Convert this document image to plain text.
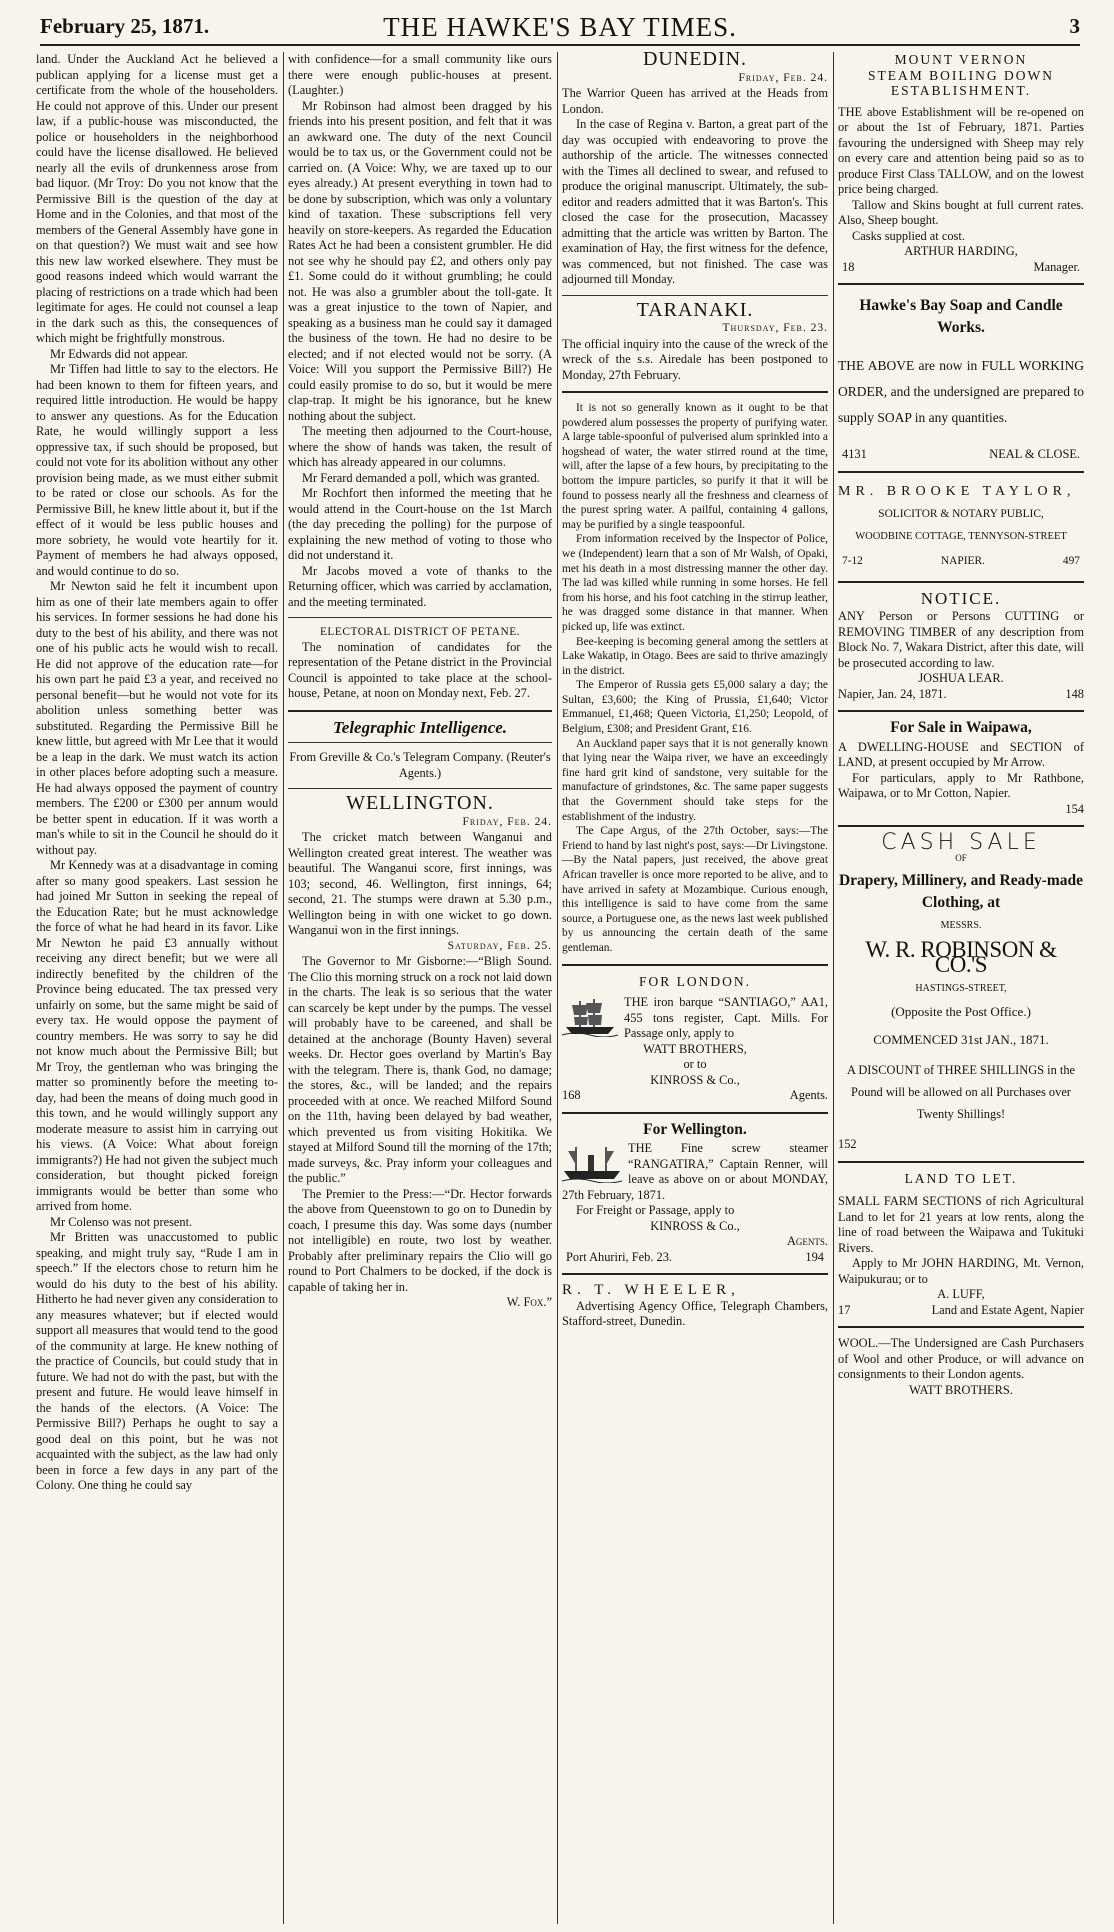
February 25, 1871.	THE HAWKE'S BAY TIMES.	3

land. Under the Auckland Act he believed a publican applying for a license must get a certificate from the whole of the householders. He could not approve of this. Under our present law, if a public-house was misconducted, the police or householders in the neighborhood could have the license disallowed. He believed nearly all the evils of drunkenness arose from bad liquor. (Mr Troy: Do you not know that the Permissive Bill is the question of the day at Home and in the Colonies, and that most of the members of the General Assembly have gone in on that question?) We must wait and see how this new law worked elsewhere. They must be good reasons indeed which would warrant the placing of restrictions on a trade which had been legitimate for ages. He could not counsel a leap in the dark such as this, the consequences of which might be frightfully monstrous.

Mr Edwards did not appear.

Mr Tiffen had little to say to the electors. He had been known to them for fifteen years, and required little introduction. He would be happy to answer any questions. As for the Education Rate, he would willingly support a less oppressive tax, if such should be proposed, but could not vote for its abolition without any other provision being made, as we must either submit to be rated or close our schools. As for the Permissive Bill, he knew little about it, but if the effect of it would be less public houses and more sobriety, he would vote heartily for it. Payment of members he had always opposed, and would continue to do so.

Mr Newton said he felt it incumbent upon him as one of their late members again to offer his services. In former sessions he had done his duty to the best of his ability, and there was not one of his public acts he would wish to recall. He did not approve of the education rate—for his own part he paid £3 a year, and received no personal benefit—but he would not vote for its abolition unless something better was substituted. Regarding the Permissive Bill he knew little, but agreed with Mr Lee that it would be a leap in the dark. We must watch its action in other places before adopting such a measure. He had always opposed the payment of country members. The £200 or £300 per annum would be better spent in education. If it was worth a man's while to sit in the Council he should do it without pay.

Mr Kennedy was at a disadvantage in coming after so many good speakers. Last session he had joined Mr Sutton in seeking the repeal of the Education Rate; but he must acknowledge the force of what he had heard in its favor. Like Mr Newton he paid £3 annually without receiving any direct benefit; but we were all indirectly benefited by the children of the Province being educated. The tax pressed very unfairly on some, but the same might be said of every tax. He would oppose the payment of country members. He was sorry to say he did not know much about the Permissive Bill; but Mr Troy, the gentleman who was bringing the matter so prominently before the meeting to-day, had been the means of doing much good in this town, and he would willingly support any moderate measure to assist him in carrying out his views. (A Voice: What about foreign immigrants?) He had not given the subject much consideration, but thought picked foreign immigrants would be better than some who arrived from home.

Mr Colenso was not present.

Mr Britten was unaccustomed to public speaking, and might truly say, “Rude I am in speech.” If the electors chose to return him he would do his duty to the best of his ability. Hitherto he had never given any consideration to any measures whatever; but if elected would support all measures that would tend to the good of the community at large. He knew nothing of the practice of Councils, but could study that in future. We had not do with the past, but with the present and future. He would leave himself in the hands of the electors. (A Voice: The Permissive Bill?) Perhaps he ought to say a good deal on this point, but he was not acquainted with the subject, as the law had only been in force a few days in any part of the Colony. One thing he could say

with confidence—for a small community like ours there were enough public-houses at present. (Laughter.)

Mr Robinson had almost been dragged by his friends into his present position, and felt that it was an awkward one. The duty of the next Council would be to tax us, or the Government could not be carried on. (A Voice: Why, we are taxed up to our eyes already.) At present everything in town had to be done by subscription, which was only a voluntary kind of taxation. These subscriptions fell very heavily on store-keepers. As regarded the Education Rates Act he had been a consistent grumbler. He did not see why he should pay £2, and others only pay £1. Some could do it without grumbling; he could not. He was also a grumbler about the toll-gate. It was a great injustice to the town of Napier, and speaking as a business man he could say it damaged the business of the town. He had no desire to be elected; and if not elected would not be sorry. (A Voice: Will you support the Permissive Bill?) He could easily promise to do so, but it would be mere clap-trap. It might be his ignorance, but he knew nothing about the subject.

The meeting then adjourned to the Court-house, where the show of hands was taken, the result of which has already appeared in our columns.

Mr Ferard demanded a poll, which was granted.

Mr Rochfort then informed the meeting that he would attend in the Court-house on the 1st March (the day preceding the polling) for the purpose of explaining the new method of voting to those who did not understand it.

Mr Jacobs moved a vote of thanks to the Returning officer, which was carried by acclamation, and the meeting terminated.

ELECTORAL DISTRICT OF PETANE.

The nomination of candidates for the representation of the Petane district in the Provincial Council is appointed to take place at the school-house, Petane, at noon on Monday next, Feb. 27.

Telegraphic Intelligence.

From Greville & Co.'s Telegram Company. (Reuter's Agents.)

WELLINGTON.
Friday, Feb. 24.

The cricket match between Wanganui and Wellington created great interest. The weather was beautiful. The Wanganui score, first innings, was 103; second, 46. Wellington, first innings, 64; second, 21. The stumps were drawn at 5.30 p.m., Wellington being in with one wicket to go down. Wanganui won in the first innings.

Saturday, Feb. 25.

The Governor to Mr Gisborne:—“Bligh Sound. The Clio this morning struck on a rock not laid down in the charts. The leak is so serious that the water can scarcely be kept under by the pumps. The vessel will probably have to be careened, and shall be detained at the anchorage (Bounty Haven) several weeks. Dr. Hector goes overland by Martin's Bay with the telegram. There is, thank God, no damage; the stores, &c., will be landed; and the repairs proceeded with at once. We reached Milford Sound on the 11th, having been delayed by bad weather, which prevented us from visiting Hokitika. We stayed at Milford Sound till the morning of the 17th; made surveys, &c. Pray inform your colleagues and the public.”

The Premier to the Press:—“Dr. Hector forwards the above from Queenstown to go on to Dunedin by coach, I presume this day. Was some days (number not intelligible) en route, two lost by weather. Probably after preliminary repairs the Clio will go round to Port Chalmers to be docked, if the dock is capable of taking her in.

W. Fox.”
DUNEDIN.
Friday, Feb. 24.

The Warrior Queen has arrived at the Heads from London.

In the case of Regina v. Barton, a great part of the day was occupied with endeavoring to prove the authorship of the article. The witnesses connected with the Times all declined to swear, and refused to produce the original manuscript. Ultimately, the sub-editor and readers admitted that it was Barton's. This closed the case for the prosecution, Macassey admitting that the article was written by Barton. The examination of Hay, the first witness for the defence, was commenced, but not finished. The case was adjourned till Monday.

TARANAKI.
Thursday, Feb. 23.

The official inquiry into the cause of the wreck of the wreck of the s.s. Airedale has been postponed to Monday, 27th February.

It is not so generally known as it ought to be that powdered alum possesses the property of purifying water. A large table-spoonful of pulverised alum sprinkled into a hogshead of water, the water stirred round at the time, will, after the lapse of a few hours, by precipitating to the bottom the impure particles, so purify it that it will be found to possess nearly all the freshness and clearness of the purest spring water. A pailful, containing 4 gallons, may be purified by a single teaspoonful.

From information received by the Inspector of Police, we (Independent) learn that a son of Mr Walsh, of Opaki, met his death in a most distressing manner the other day. The lad was killed while running in some horses. He fell from his horse, and his foot catching in the stirrup leather, he was dragged some distance in that manner. When picked up, life was extinct.

Bee-keeping is becoming general among the settlers at Lake Wakatip, in Otago. Bees are said to thrive amazingly in the district.

The Emperor of Russia gets £5,000 salary a day; the Sultan, £3,600; the King of Prussia, £1,640; Victor Emmanuel, £1,468; Queen Victoria, £1,250; Leopold, of Belgium, £308; and President Grant, £16.

An Auckland paper says that it is not generally known that lying near the Waipa river, we have an exceedingly fine hard grit kind of sandstone, very suitable for the manufacture of grindstones, &c. The same paper suggests that the Government should take steps for the establishment of the industry.

The Cape Argus, of the 27th October, says:—The Friend to hand by last night's post, says:—Dr Livingstone.—By the Natal papers, just received, the above great African traveller is once more reported to be alive, and to have arrived in safety at Mozambique. Curious enough, this intelligence is said to have come from the same source, a Portuguese one, as the news last week published by us announcing the certain death of the same gentleman.

FOR LONDON.

THE iron barque “SANTIAGO,” AA1, 455 tons register, Capt. Mills. For Passage only, apply to

WATT BROTHERS,

or to

KINROSS & Co.,

168	Agents.
For Wellington.

THE Fine screw steamer “RANGATIRA,” Captain Renner, will leave as above on or about MONDAY, 27th February, 1871.

For Freight or Passage, apply to

KINROSS & Co.,

Agents.

Port Ahuriri, Feb. 23.	194

R. T. WHEELER,

Advertising Agency Office, Telegraph Chambers, Stafford-street, Dunedin.

MOUNT VERNON
STEAM BOILING DOWN
ESTABLISHMENT.

THE above Establishment will be re-opened on or about the 1st of February, 1871. Parties favouring the undersigned with Sheep may rely on every care and attention being paid so as to produce First Class TALLOW, and on the lowest price being charged.

Tallow and Skins bought at full current rates. Also, Sheep bought.

Casks supplied at cost.

ARTHUR HARDING,

18	Manager.
Hawke's Bay Soap and Candle Works.

THE ABOVE are now in FULL WORKING ORDER, and the undersigned are prepared to supply SOAP in any quantities.

4131	NEAL & CLOSE.

MR. BROOKE TAYLOR,

SOLICITOR & NOTARY PUBLIC,

WOODBINE COTTAGE, TENNYSON-STREET

7-12	NAPIER.	497
NOTICE.

ANY Person or Persons CUTTING or REMOVING TIMBER of any description from Block No. 7, Wakara District, after this date, will be prosecuted according to law.

JOSHUA LEAR.

Napier, Jan. 24, 1871.	148
For Sale in Waipawa,

A DWELLING-HOUSE and SECTION of LAND, at present occupied by Mr Arrow.

For particulars, apply to Mr Rathbone, Waipawa, or to Mr Cotton, Napier.

154
CASH SALE
OF
Drapery, Millinery, and Ready-made Clothing, at
MESSRS.
W. R. ROBINSON & CO.'S
HASTINGS-STREET,
(Opposite the Post Office.)
COMMENCED 31st JAN., 1871.

A DISCOUNT of THREE SHILLINGS in the Pound will be allowed on all Purchases over Twenty Shillings!

152

LAND TO LET.

SMALL FARM SECTIONS of rich Agricultural Land to let for 21 years at low rents, along the line of road between the Waipawa and Tukituki Rivers.

Apply to Mr JOHN HARDING, Mt. Vernon, Waipukurau; or to

A. LUFF,

17	Land and Estate Agent, Napier

WOOL.—The Undersigned are Cash Purchasers of Wool and other Produce, or will advance on consignments to their London agents.

WATT BROTHERS.
